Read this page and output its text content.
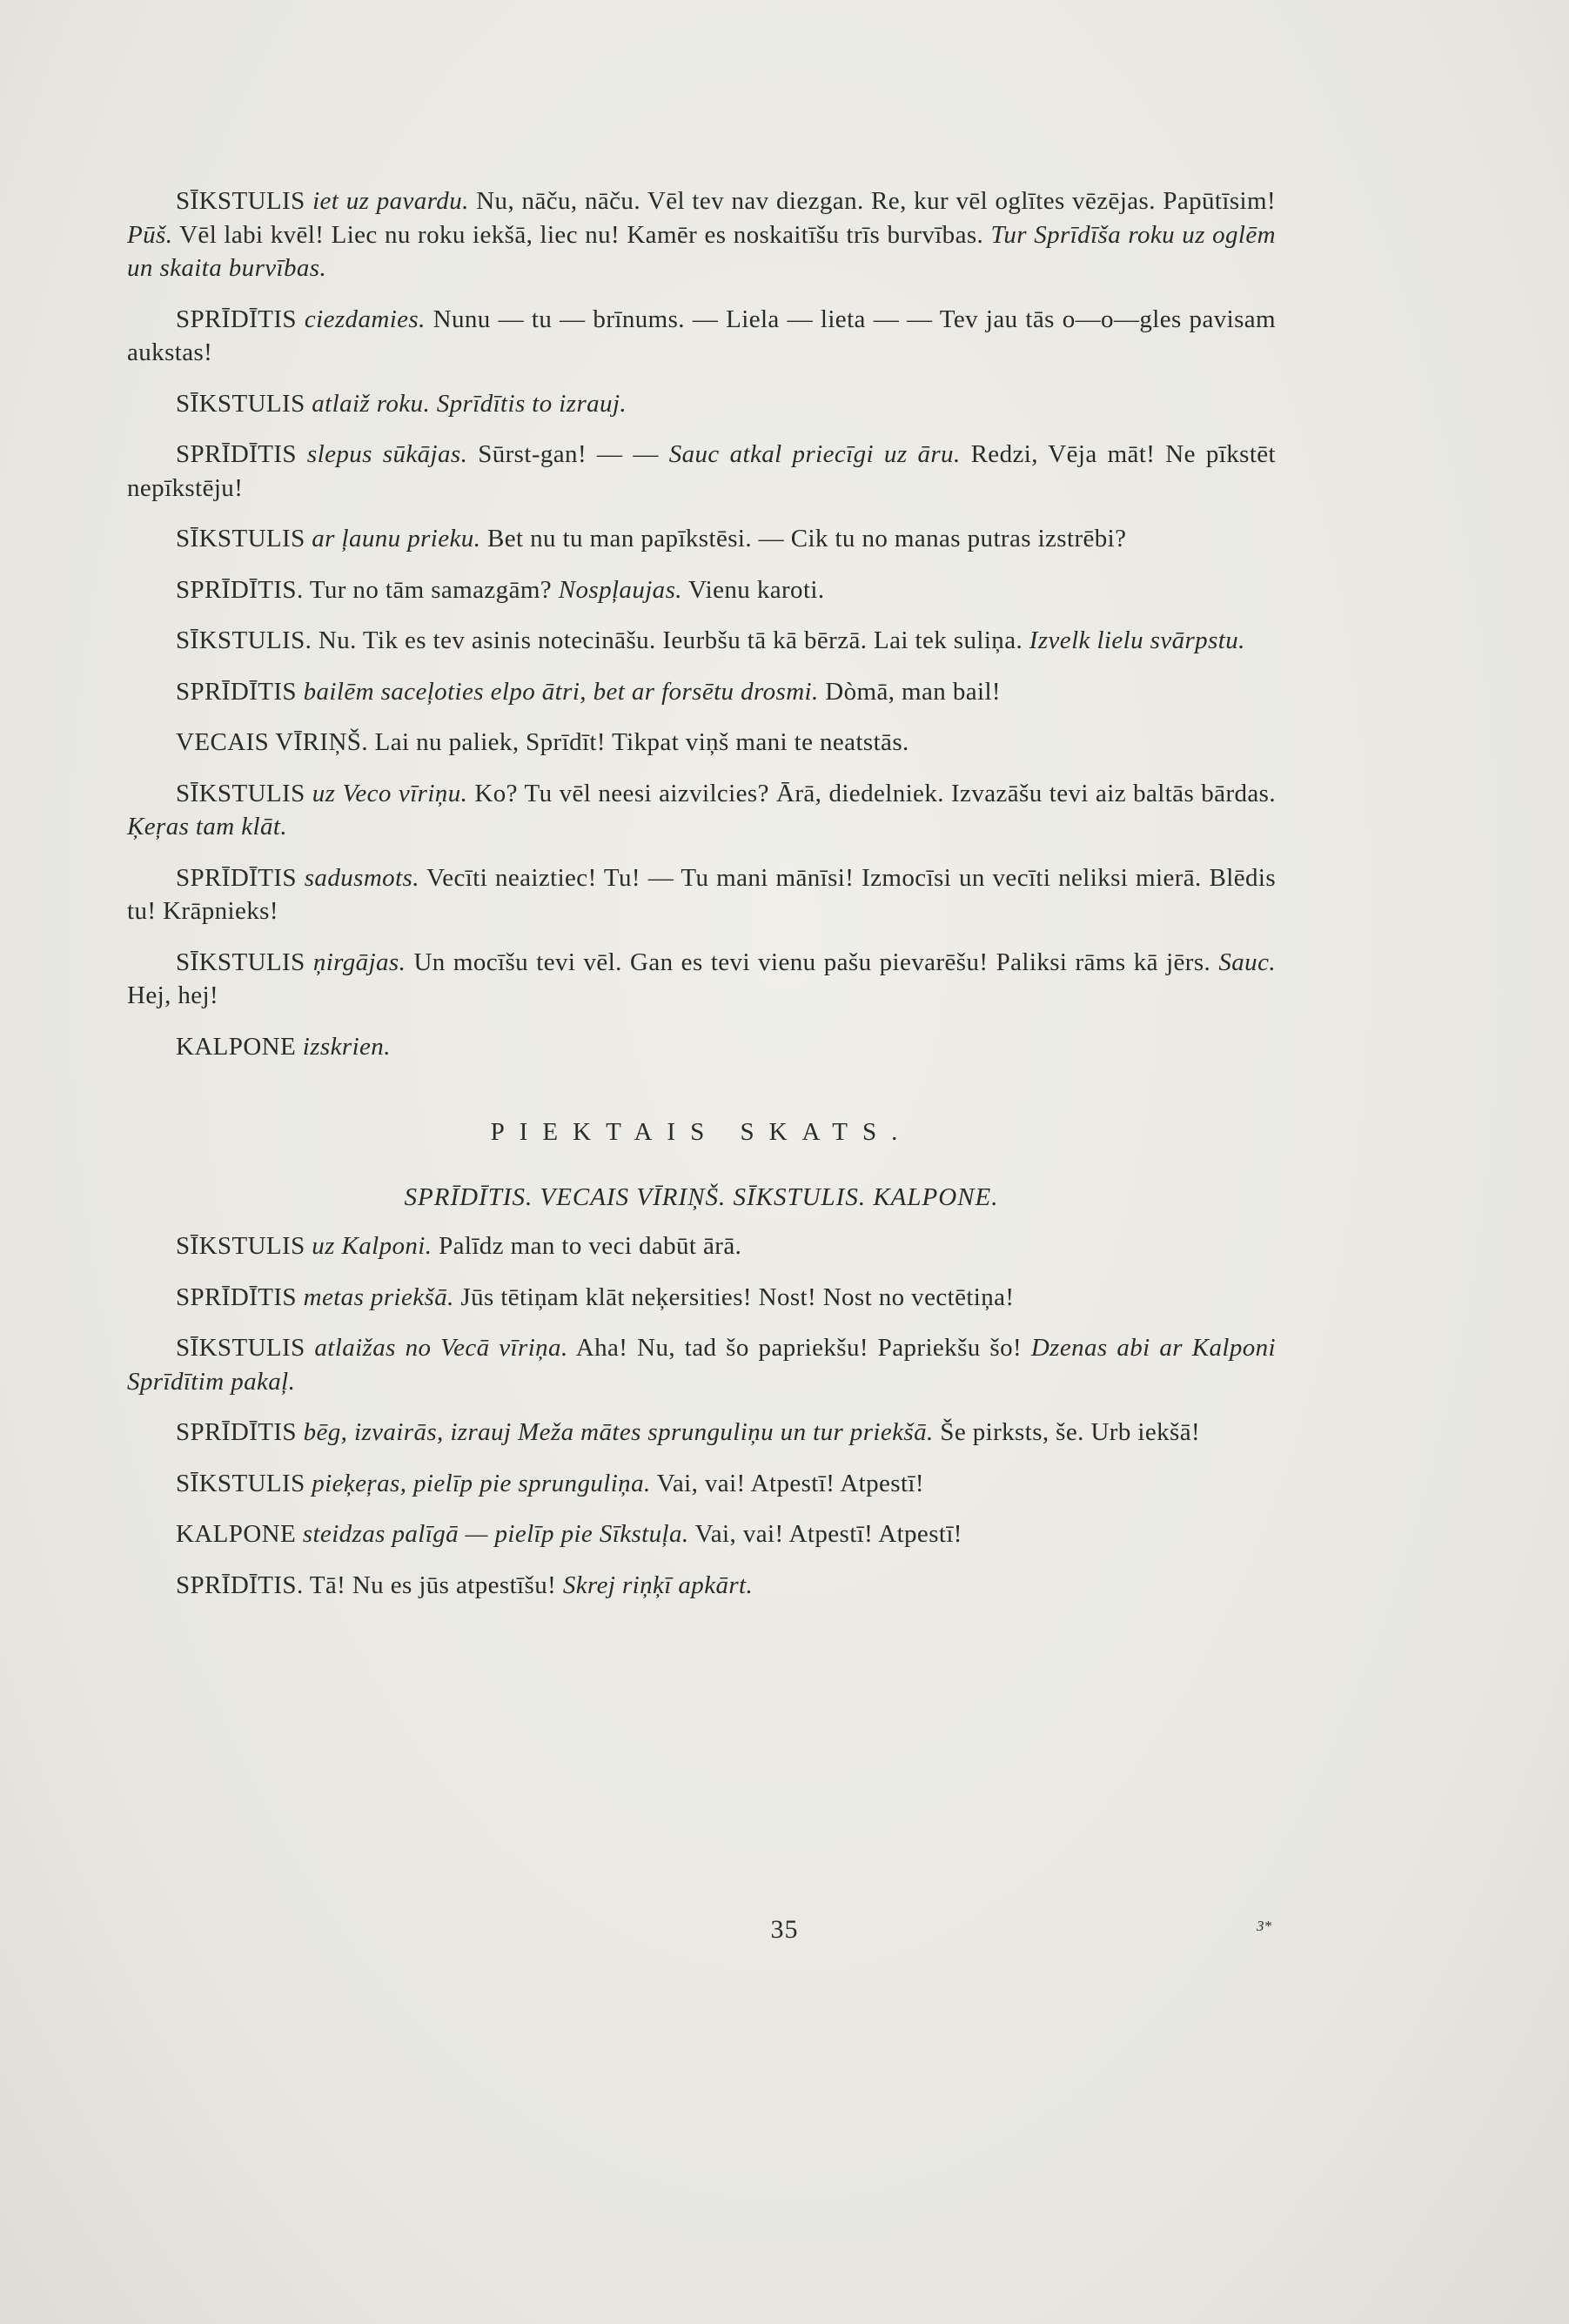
SĪKSTULIS iet uz pavardu. Nu, nāču, nāču. Vēl tev nav diezgan. Re, kur vēl oglītes vēzējas. Papūtīsim! Pūš. Vēl labi kvēl! Liec nu roku iekšā, liec nu! Kamēr es noskaitīšu trīs burvības. Tur Sprīdīša roku uz oglēm un skaita burvības.

SPRĪDĪTIS ciezdamies. Nunu — tu — brīnums. — Liela — lieta — — Tev jau tās o—o—gles pavisam aukstas!

SĪKSTULIS atlaiž roku. Sprīdītis to izrauj.

SPRĪDĪTIS slepus sūkājas. Sūrst-gan! — — Sauc atkal priecīgi uz āru. Redzi, Vēja māt! Ne pīkstēt nepīkstēju!

SĪKSTULIS ar ļaunu prieku. Bet nu tu man papīkstēsi. — Cik tu no manas putras izstrēbi?

SPRĪDĪTIS. Tur no tām samazgām? Nospļaujas. Vienu karoti.

SĪKSTULIS. Nu. Tik es tev asinis notecināšu. Ieurbšu tā kā bērzā. Lai tek suliņa. Izvelk lielu svārpstu.

SPRĪDĪTIS bailēm saceļoties elpo ātri, bet ar forsētu drosmi. Dòmā, man bail!

VECAIS VĪRIŅŠ. Lai nu paliek, Sprīdīt! Tikpat viņš mani te neatstās.

SĪKSTULIS uz Veco vīriņu. Ko? Tu vēl neesi aizvilcies? Ārā, diedelniek. Izvazāšu tevi aiz baltās bārdas. Ķeŗas tam klāt.

SPRĪDĪTIS sadusmots. Vecīti neaiztiec! Tu! — Tu mani mānīsi! Izmocīsi un vecīti neliksi mierā. Blēdis tu! Krāpnieks!

SĪKSTULIS ņirgājas. Un mocīšu tevi vēl. Gan es tevi vienu pašu pievarēšu! Paliksi rāms kā jērs. Sauc. Hej, hej!

KALPONE izskrien.

PIEKTAIS SKATS.

SPRĪDĪTIS. VECAIS VĪRIŅŠ. SĪKSTULIS. KALPONE.

SĪKSTULIS uz Kalponi. Palīdz man to veci dabūt ārā.

SPRĪDĪTIS metas priekšā. Jūs tētiņam klāt neķersities! Nost! Nost no vectētiņa!

SĪKSTULIS atlaižas no Vecā vīriņa. Aha! Nu, tad šo papriekšu! Papriekšu šo! Dzenas abi ar Kalponi Sprīdītim pakaļ.

SPRĪDĪTIS bēg, izvairās, izrauj Meža mātes sprunguliņu un tur priekšā. Še pirksts, še. Urb iekšā!

SĪKSTULIS pieķeŗas, pielīp pie sprunguliņa. Vai, vai! Atpestī! Atpestī!

KALPONE steidzas palīgā — pielīp pie Sīkstuļa. Vai, vai! Atpestī! Atpestī!

SPRĪDĪTIS. Tā! Nu es jūs atpestīšu! Skrej riņķī apkārt.

35	3*
